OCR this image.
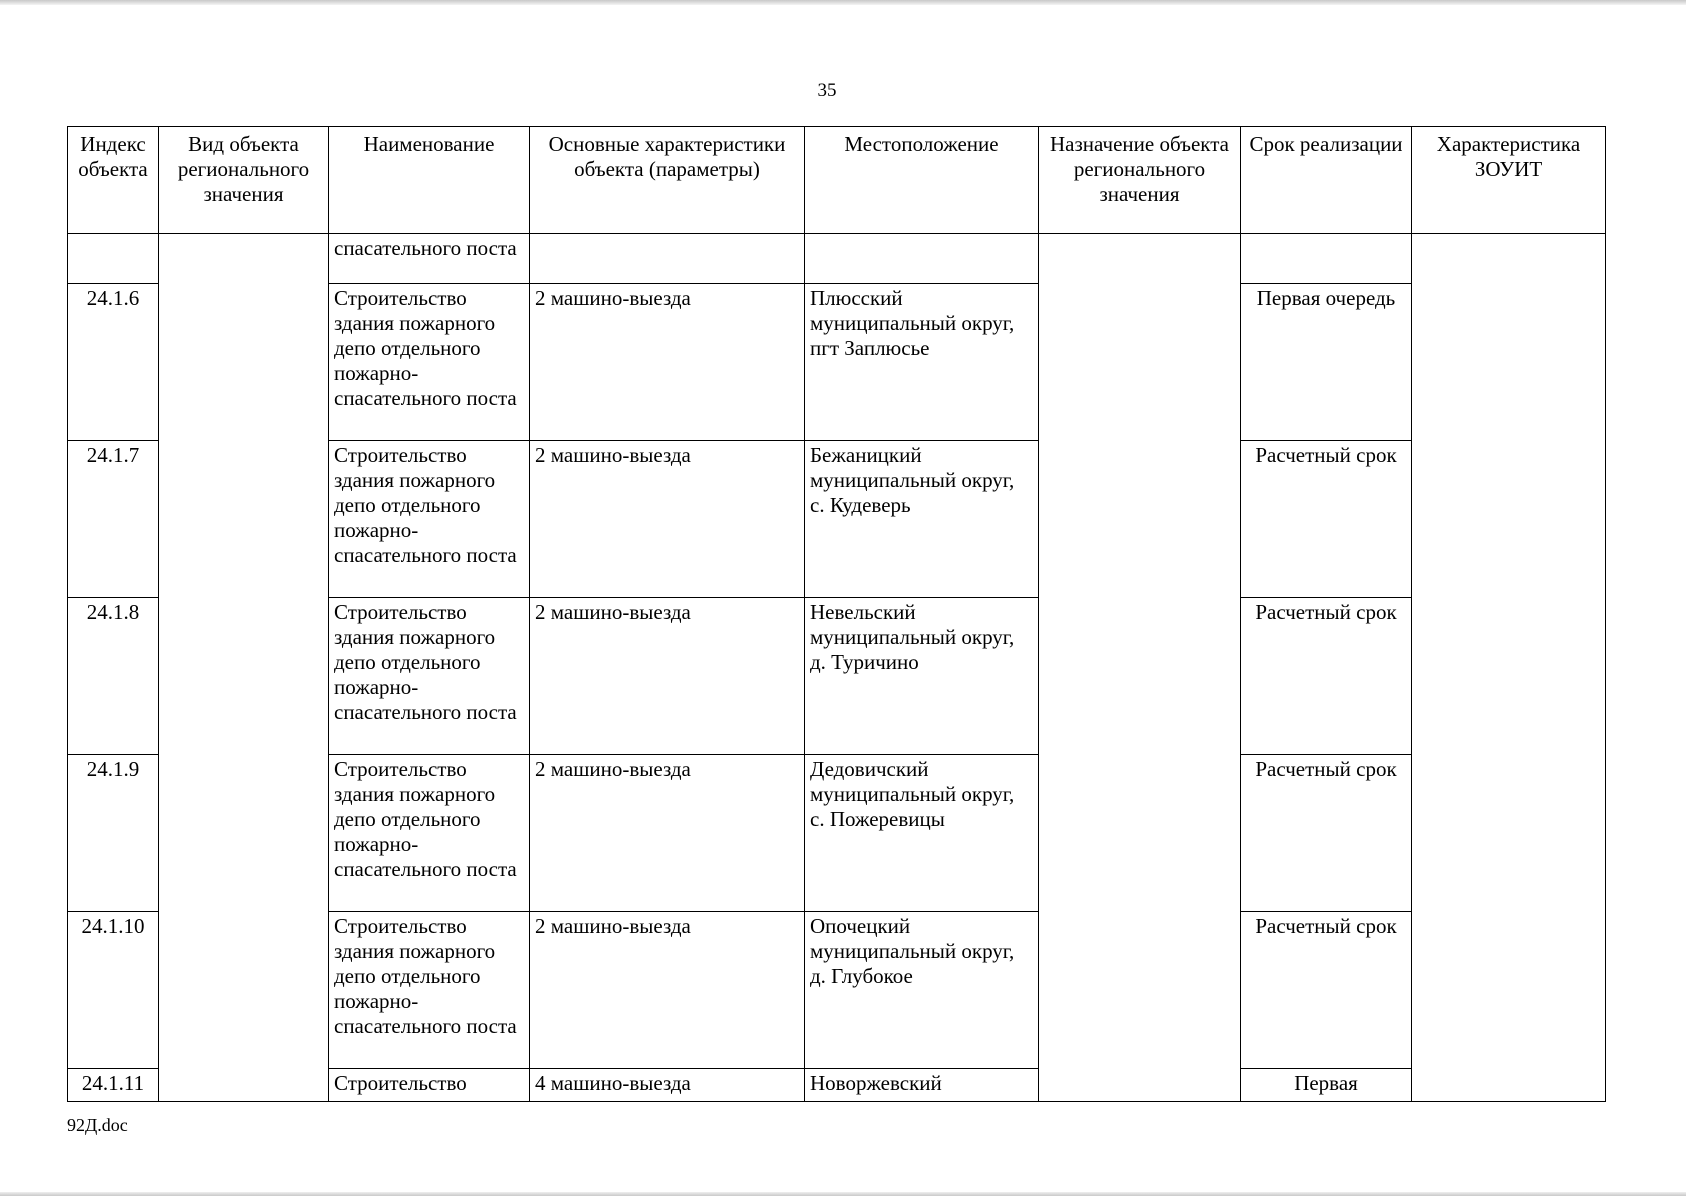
35
Индекс объекта	Вид объекта регионального значения	Наименование	Основные характеристики объекта (параметры)	Местоположение	Назначение объекта регионального значения	Срок реализации	Характеристика ЗОУИТ
		спасательного поста					
24.1.6		Строительство здания пожарного депо отдельного пожарно-спасательного поста	2 машино-выезда	Плюсский муниципальный округ, пгт Заплюсье		Первая очередь	
24.1.7		Строительство здания пожарного депо отдельного пожарно-спасательного поста	2 машино-выезда	Бежаницкий муниципальный округ, с. Кудеверь		Расчетный срок	
24.1.8		Строительство здания пожарного депо отдельного пожарно-спасательного поста	2 машино-выезда	Невельский муниципальный округ, д. Туричино		Расчетный срок	
24.1.9		Строительство здания пожарного депо отдельного пожарно-спасательного поста	2 машино-выезда	Дедовичский муниципальный округ, с. Пожеревицы		Расчетный срок	
24.1.10		Строительство здания пожарного депо отдельного пожарно-спасательного поста	2 машино-выезда	Опочецкий муниципальный округ, д. Глубокое		Расчетный срок	
24.1.11		Строительство	4 машино-выезда	Новоржевский		Первая	
92Д.doc
